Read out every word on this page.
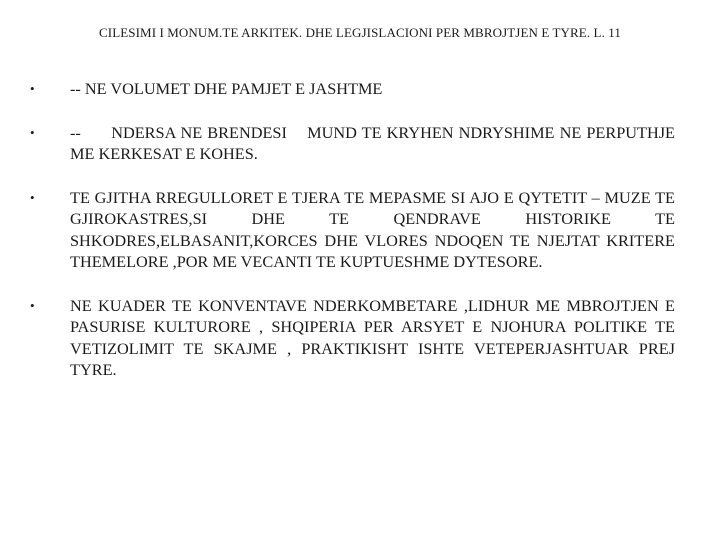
CILESIMI I MONUM.TE ARKITEK. DHE LEGJISLACIONI PER MBROJTJEN E TYRE. L. 11
•	-- NE VOLUMET DHE PAMJET E JASHTME
•	--      NDERSA NE BRENDESI    MUND TE KRYHEN NDRYSHIME NE PERPUTHJE ME KERKESAT E KOHES.
•	TE GJITHA RREGULLORET E TJERA TE MEPASME SI AJO E QYTETIT – MUZE TE GJIROKASTRES,SI DHE TE QENDRAVE HISTORIKE TE SHKODRES,ELBASANIT,KORCES DHE VLORES NDOQEN TE NJEJTAT KRITERE THEMELORE ,POR ME VECANTI TE KUPTUESHME DYTESORE.
•	NE KUADER TE KONVENTAVE NDERKOMBETARE ,LIDHUR ME MBROJTJEN E PASURISE KULTURORE , SHQIPERIA PER ARSYET E NJOHURA POLITIKE TE VETIZOLIMIT TE SKAJME , PRAKTIKISHT ISHTE VETEPERJASHTUAR PREJ TYRE.
